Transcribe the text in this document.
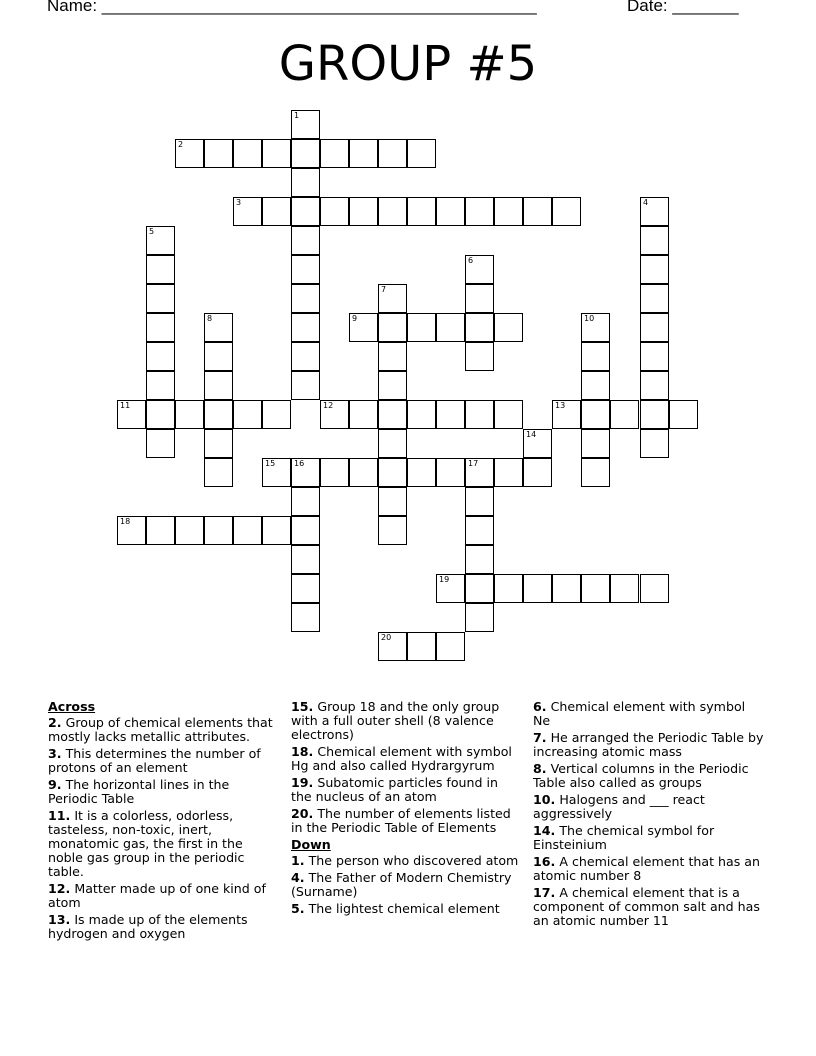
Name: ______________________________________________	Date: _______
GROUP #5
1
2
3	4
5
6
7
8	9	10
11	12	13
14
15 16	17
18
19
20
Across
2. Group of chemical elements that mostly lacks metallic attributes.
3. This determines the number of protons of an element
9. The horizontal lines in the Periodic Table
11. It is a colorless, odorless, tasteless, non-toxic, inert, monatomic gas, the first in the noble gas group in the periodic table.
12. Matter made up of one kind of atom
13. Is made up of the elements hydrogen and oxygen
15. Group 18 and the only group with a full outer shell (8 valence electrons)
18. Chemical element with symbol Hg and also called Hydrargyrum
19. Subatomic particles found in the nucleus of an atom
20. The number of elements listed in the Periodic Table of Elements
Down
1. The person who discovered atom
4. The Father of Modern Chemistry (Surname)
5. The lightest chemical element
6. Chemical element with symbol Ne
7. He arranged the Periodic Table by increasing atomic mass
8. Vertical columns in the Periodic Table also called as groups
10. Halogens and ___ react aggressively
14. The chemical symbol for Einsteinium
16. A chemical element that has an atomic number 8
17. A chemical element that is a component of common salt and has an atomic number 11
